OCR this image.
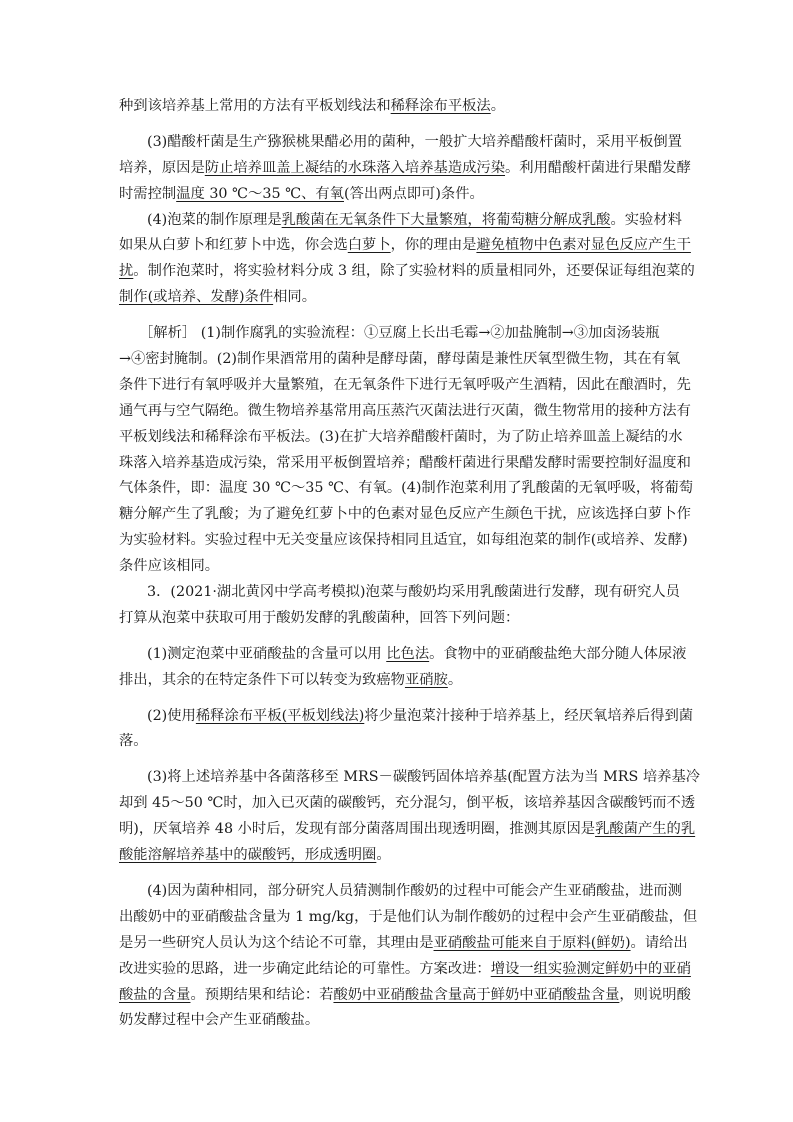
种到该培养基上常用的方法有平板划线法和稀释涂布平板法。
(3)醋酸杆菌是生产猕猴桃果醋必用的菌种，一般扩大培养醋酸杆菌时，采用平板倒置
培养，原因是防止培养皿盖上凝结的水珠落入培养基造成污染。利用醋酸杆菌进行果醋发酵
时需控制温度 30 ℃～35 ℃、有氧(答出两点即可)条件。
(4)泡菜的制作原理是乳酸菌在无氧条件下大量繁殖，将葡萄糖分解成乳酸。实验材料
如果从白萝卜和红萝卜中选，你会选白萝卜，你的理由是避免植物中色素对显色反应产生干
扰。制作泡菜时，将实验材料分成 3 组，除了实验材料的质量相同外，还要保证每组泡菜的
制作(或培养、发酵)条件相同。
［解析］ (1)制作腐乳的实验流程：①豆腐上长出毛霉→②加盐腌制→③加卤汤装瓶
→④密封腌制。(2)制作果酒常用的菌种是酵母菌，酵母菌是兼性厌氧型微生物，其在有氧
条件下进行有氧呼吸并大量繁殖，在无氧条件下进行无氧呼吸产生酒精，因此在酿酒时，先
通气再与空气隔绝。微生物培养基常用高压蒸汽灭菌法进行灭菌，微生物常用的接种方法有
平板划线法和稀释涂布平板法。(3)在扩大培养醋酸杆菌时，为了防止培养皿盖上凝结的水
珠落入培养基造成污染，常采用平板倒置培养；醋酸杆菌进行果醋发酵时需要控制好温度和
气体条件，即：温度 30 ℃～35 ℃、有氧。(4)制作泡菜利用了乳酸菌的无氧呼吸，将葡萄
糖分解产生了乳酸；为了避免红萝卜中的色素对显色反应产生颜色干扰，应该选择白萝卜作
为实验材料。实验过程中无关变量应该保持相同且适宜，如每组泡菜的制作(或培养、发酵)
条件应该相同。
3．(2021·湖北黄冈中学高考模拟)泡菜与酸奶均采用乳酸菌进行发酵，现有研究人员
打算从泡菜中获取可用于酸奶发酵的乳酸菌种，回答下列问题：
(1)测定泡菜中亚硝酸盐的含量可以用 比色法。食物中的亚硝酸盐绝大部分随人体尿液
排出，其余的在特定条件下可以转变为致癌物亚硝胺。
(2)使用稀释涂布平板(平板划线法)将少量泡菜汁接种于培养基上，经厌氧培养后得到菌
落。
(3)将上述培养基中各菌落移至 MRS－碳酸钙固体培养基(配置方法为当 MRS 培养基冷
却到 45～50 ℃时，加入已灭菌的碳酸钙，充分混匀，倒平板，该培养基因含碳酸钙而不透
明)，厌氧培养 48 小时后，发现有部分菌落周围出现透明圈，推测其原因是乳酸菌产生的乳
酸能溶解培养基中的碳酸钙，形成透明圈。
(4)因为菌种相同，部分研究人员猜测制作酸奶的过程中可能会产生亚硝酸盐，进而测
出酸奶中的亚硝酸盐含量为 1 mg/kg，于是他们认为制作酸奶的过程中会产生亚硝酸盐，但
是另一些研究人员认为这个结论不可靠，其理由是亚硝酸盐可能来自于原料(鲜奶)。请给出
改进实验的思路，进一步确定此结论的可靠性。方案改进：增设一组实验测定鲜奶中的亚硝
酸盐的含量。预期结果和结论：若酸奶中亚硝酸盐含量高于鲜奶中亚硝酸盐含量，则说明酸
奶发酵过程中会产生亚硝酸盐。
